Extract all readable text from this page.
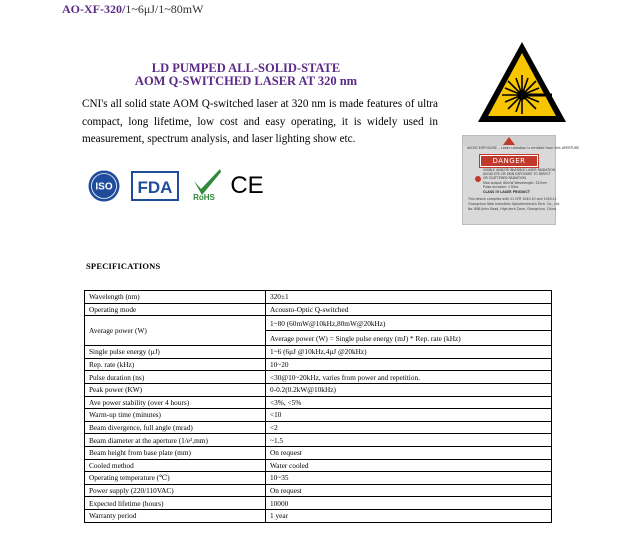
AO-XF-320/1~6μJ/1~80mW
LD PUMPED ALL-SOLID-STATE
AOM Q-SWITCHED LASER AT 320 nm
CNI's all solid state AOM Q-switched laser at 320 nm is made features of ultra compact, long lifetime, low cost and easy operating, it is widely used in measurement, spectrum analysis, and laser lighting show etc.
AVOID EXPOSURE – Laser radiation is emitted from this APERTURE
DANGER
VISIBLE AND/OR INVISIBLE LASER RADIATION
AVOID EYE OR SKIN EXPOSURE TO DIRECT
OR SCATTERED RADIATION
Max output: 80mW Wavelength: 320nm
Pulse duration: <30ns
CLASS IV LASER PRODUCT
This device complies with 21 CFR 1040.10 and 1040.11
Changchun New Industries Optoelectronics Tech. Co., Ltd.
No. 888 Jinhu Road, High-tech Zone, Changchun, China
ISO FDA
RoHS CE
SPECIFICATIONS
Wavelength (nm)	320±1
Operating mode	Acousto-Optic Q-switched
Average power (W)	1~80 (60mW@10kHz,80mW@20kHz)
	Average power (W) = Single pulse energy (mJ) * Rep. rate (kHz)
Single pulse energy (μJ)	1~6 (6μJ @10kHz,4μJ @20kHz)
Rep. rate (kHz)	10~20
Pulse duration (ns)	<30@10~20kHz, varies from power and repetition.
Peak power (KW)	0-0.2(0.2kW@10kHz)
Ave power stability (over 4 hours)	<3%, <5%
Warm-up time (minutes)	<10
Beam divergence, full angle (mrad)	<2
Beam diameter at the aperture (1/e²,mm)	~1.5
Beam height from base plate (mm)	On request
Cooled method	Water cooled
Operating temperature (℃)	10~35
Power supply (220/110VAC)	On request
Expected lifetime (hours)	10000
Warranty period	1 year
